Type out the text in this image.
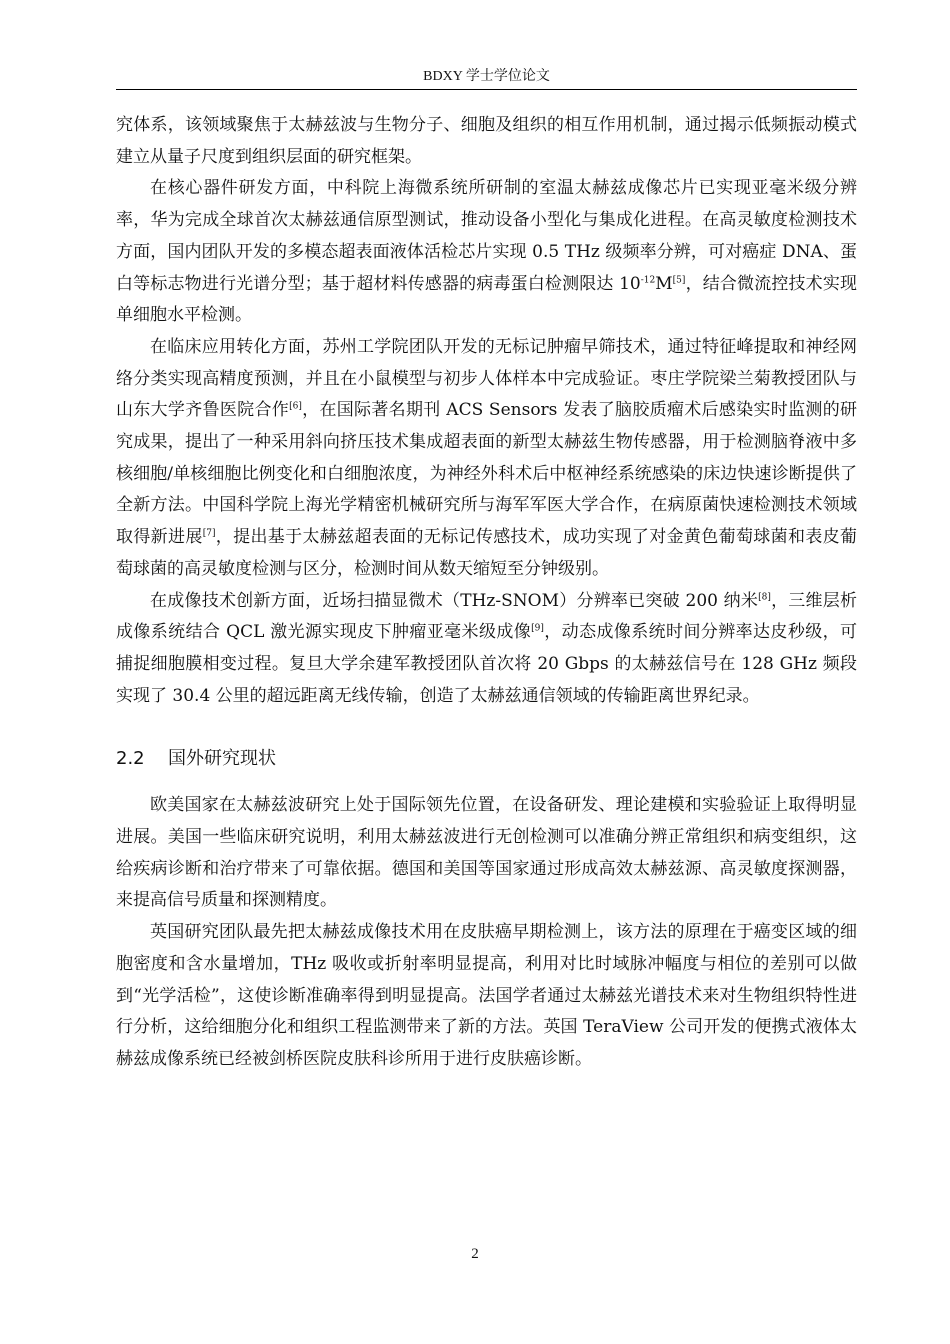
BDXY 学士学位论文

究体系，该领域聚焦于太赫兹波与生物分子、细胞及组织的相互作用机制，通过揭示低频振动模式建立从量子尺度到组织层面的研究框架。

在核心器件研发方面，中科院上海微系统所研制的室温太赫兹成像芯片已实现亚毫米级分辨率，华为完成全球首次太赫兹通信原型测试，推动设备小型化与集成化进程。在高灵敏度检测技术方面，国内团队开发的多模态超表面液体活检芯片实现 0.5 THz 级频率分辨，可对癌症 DNA、蛋白等标志物进行光谱分型；基于超材料传感器的病毒蛋白检测限达 $10^{-12}M[5]$，结合微流控技术实现单细胞水平检测。

在临床应用转化方面，苏州工学院团队开发的无标记肿瘤早筛技术，通过特征峰提取和神经网络分类实现高精度预测，并且在小鼠模型与初步人体样本中完成验证。枣庄学院梁兰菊教授团队与山东大学齐鲁医院合作[6]，在国际著名期刊 ACS Sensors 发表了脑胶质瘤术后感染实时监测的研究成果，提出了一种采用斜向挤压技术集成超表面的新型太赫兹生物传感器，用于检测脑脊液中多核细胞/单核细胞比例变化和白细胞浓度，为神经外科术后中枢神经系统感染的床边快速诊断提供了全新方法。中国科学院上海光学精密机械研究所与海军军医大学合作，在病原菌快速检测技术领域取得新进展[7]，提出基于太赫兹超表面的无标记传感技术，成功实现了对金黄色葡萄球菌和表皮葡萄球菌的高灵敏度检测与区分，检测时间从数天缩短至分钟级别。

在成像技术创新方面，近场扫描显微术（THz-SNOM）分辨率已突破 200 纳米[8]，三维层析成像系统结合 QCL 激光源实现皮下肿瘤亚毫米级成像[9]，动态成像系统时间分辨率达皮秒级，可捕捉细胞膜相变过程。复旦大学余建军教授团队首次将 20 Gbps 的太赫兹信号在 128 GHz 频段实现了 30.4 公里的超远距离无线传输，创造了太赫兹通信领域的传输距离世界纪录。

2.2 国外研究现状

欧美国家在太赫兹波研究上处于国际领先位置，在设备研发、理论建模和实验验证上取得明显进展。美国一些临床研究说明，利用太赫兹波进行无创检测可以准确分辨正常组织和病变组织，这给疾病诊断和治疗带来了可靠依据。德国和美国等国家通过形成高效太赫兹源、高灵敏度探测器，来提高信号质量和探测精度。

英国研究团队最先把太赫兹成像技术用在皮肤癌早期检测上，该方法的原理在于癌变区域的细胞密度和含水量增加，THz 吸收或折射率明显提高，利用对比时域脉冲幅度与相位的差别可以做到“光学活检”，这使诊断准确率得到明显提高。法国学者通过太赫兹光谱技术来对生物组织特性进行分析，这给细胞分化和组织工程监测带来了新的方法。英国 TeraView 公司开发的便携式液体太赫兹成像系统已经被剑桥医院皮肤科诊所用于进行皮肤癌诊断。

2
